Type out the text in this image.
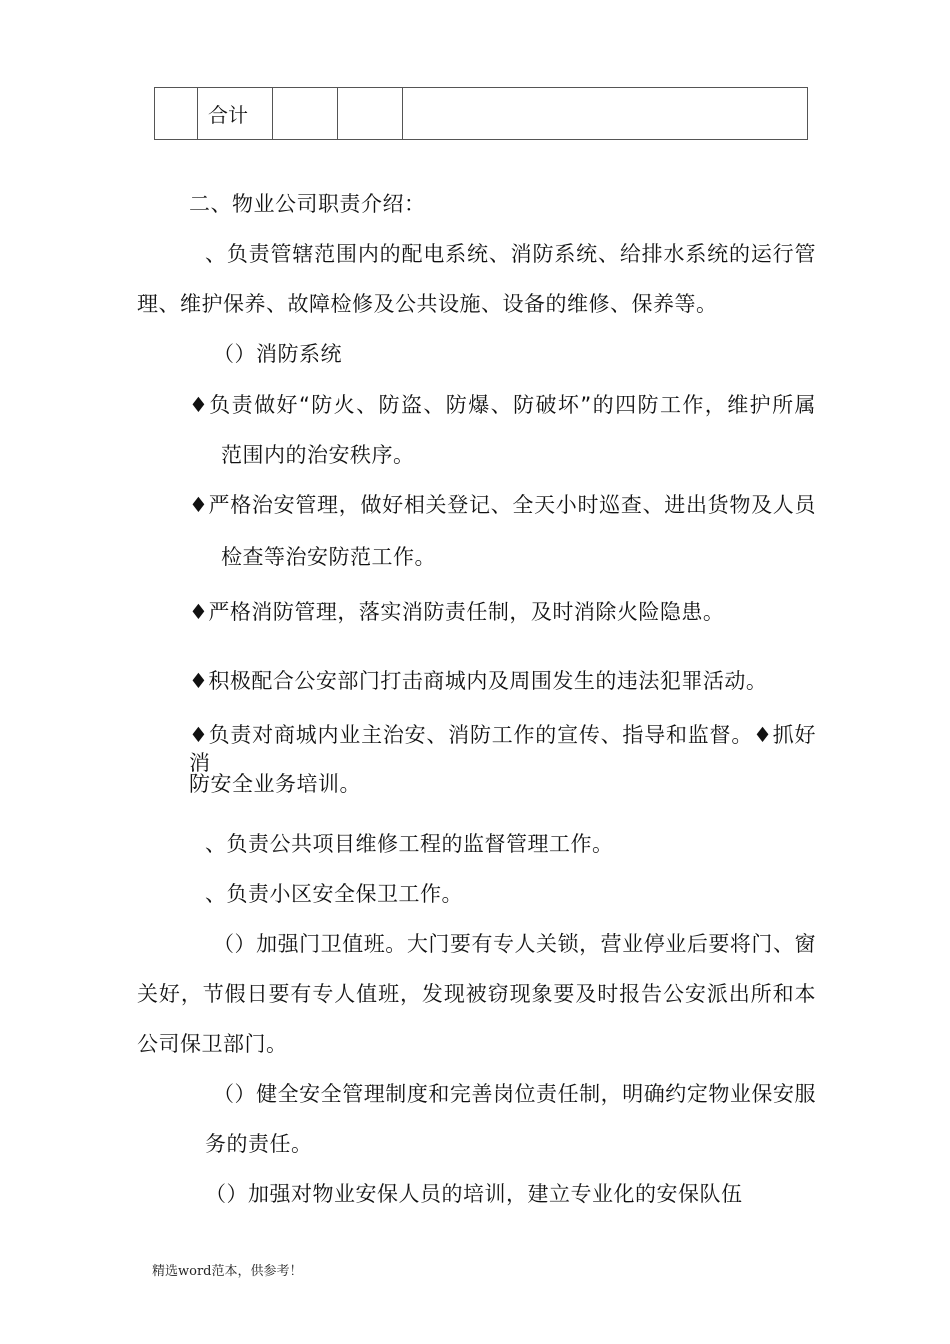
	合计			
二、物业公司职责介绍：
、负责管辖范围内的配电系统、消防系统、给排水系统的运行管
理、维护保养、故障检修及公共设施、设备的维修、保养等。
（）消防系统
♦负责做好“防火、防盗、防爆、防破坏”的四防工作，维护所属
范围内的治安秩序。
♦严格治安管理，做好相关登记、全天小时巡查、进出货物及人员
检查等治安防范工作。
♦严格消防管理，落实消防责任制，及时消除火险隐患。
♦积极配合公安部门打击商城内及周围发生的违法犯罪活动。
♦负责对商城内业主治安、消防工作的宣传、指导和监督。♦抓好消
防安全业务培训。
、负责公共项目维修工程的监督管理工作。
、负责小区安全保卫工作。
（）加强门卫值班。大门要有专人关锁，营业停业后要将门、窗
关好，节假日要有专人值班，发现被窃现象要及时报告公安派出所和本
公司保卫部门。
（）健全安全管理制度和完善岗位责任制，明确约定物业保安服
务的责任。
（）加强对物业安保人员的培训，建立专业化的安保队伍
精选word范本，供参考！
